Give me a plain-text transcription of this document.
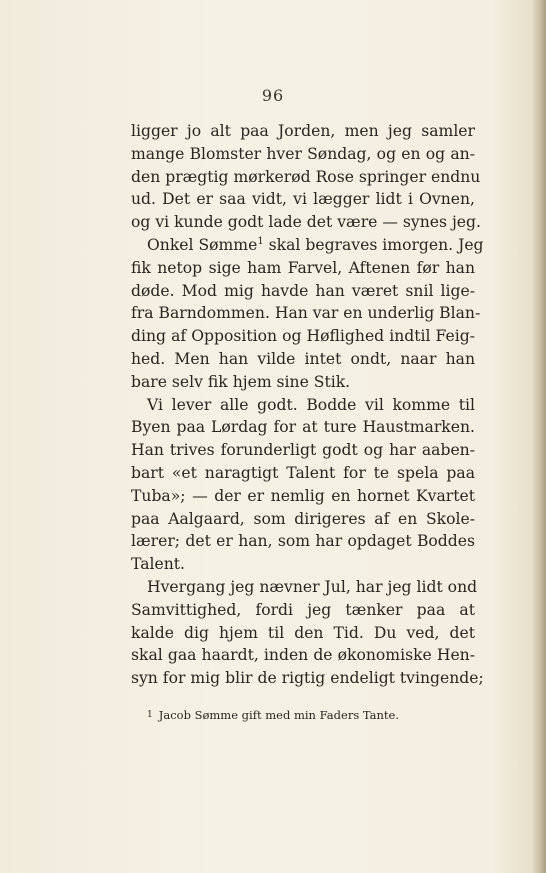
96
ligger jo alt paa Jorden, men jeg samler
mange Blomster hver Søndag, og en og an-
den prægtig mørkerød Rose springer endnu
ud. Det er saa vidt, vi lægger lidt i Ovnen,
og vi kunde godt lade det være — synes jeg.
Onkel Sømme$^1$ skal begraves imorgen. Jeg
fik netop sige ham Farvel, Aftenen før han
døde. Mod mig havde han været snil lige-
fra Barndommen. Han var en underlig Blan-
ding af Opposition og Høflighed indtil Feig-
hed. Men han vilde intet ondt, naar han
bare selv fik hjem sine Stik.
Vi lever alle godt. Bodde vil komme til
Byen paa Lørdag for at ture Haustmarken.
Han trives forunderligt godt og har aaben-
bart «et naragtigt Talent for te spela paa
Tuba»; — der er nemlig en hornet Kvartet
paa Aalgaard, som dirigeres af en Skole-
lærer; det er han, som har opdaget Boddes
Talent.
Hvergang jeg nævner Jul, har jeg lidt ond
Samvittighed, fordi jeg tænker paa at
kalde dig hjem til den Tid. Du ved, det
skal gaa haardt, inden de økonomiske Hen-
syn for mig blir de rigtig endeligt tvingende;
$^1$ Jacob Sømme gift med min Faders Tante.
